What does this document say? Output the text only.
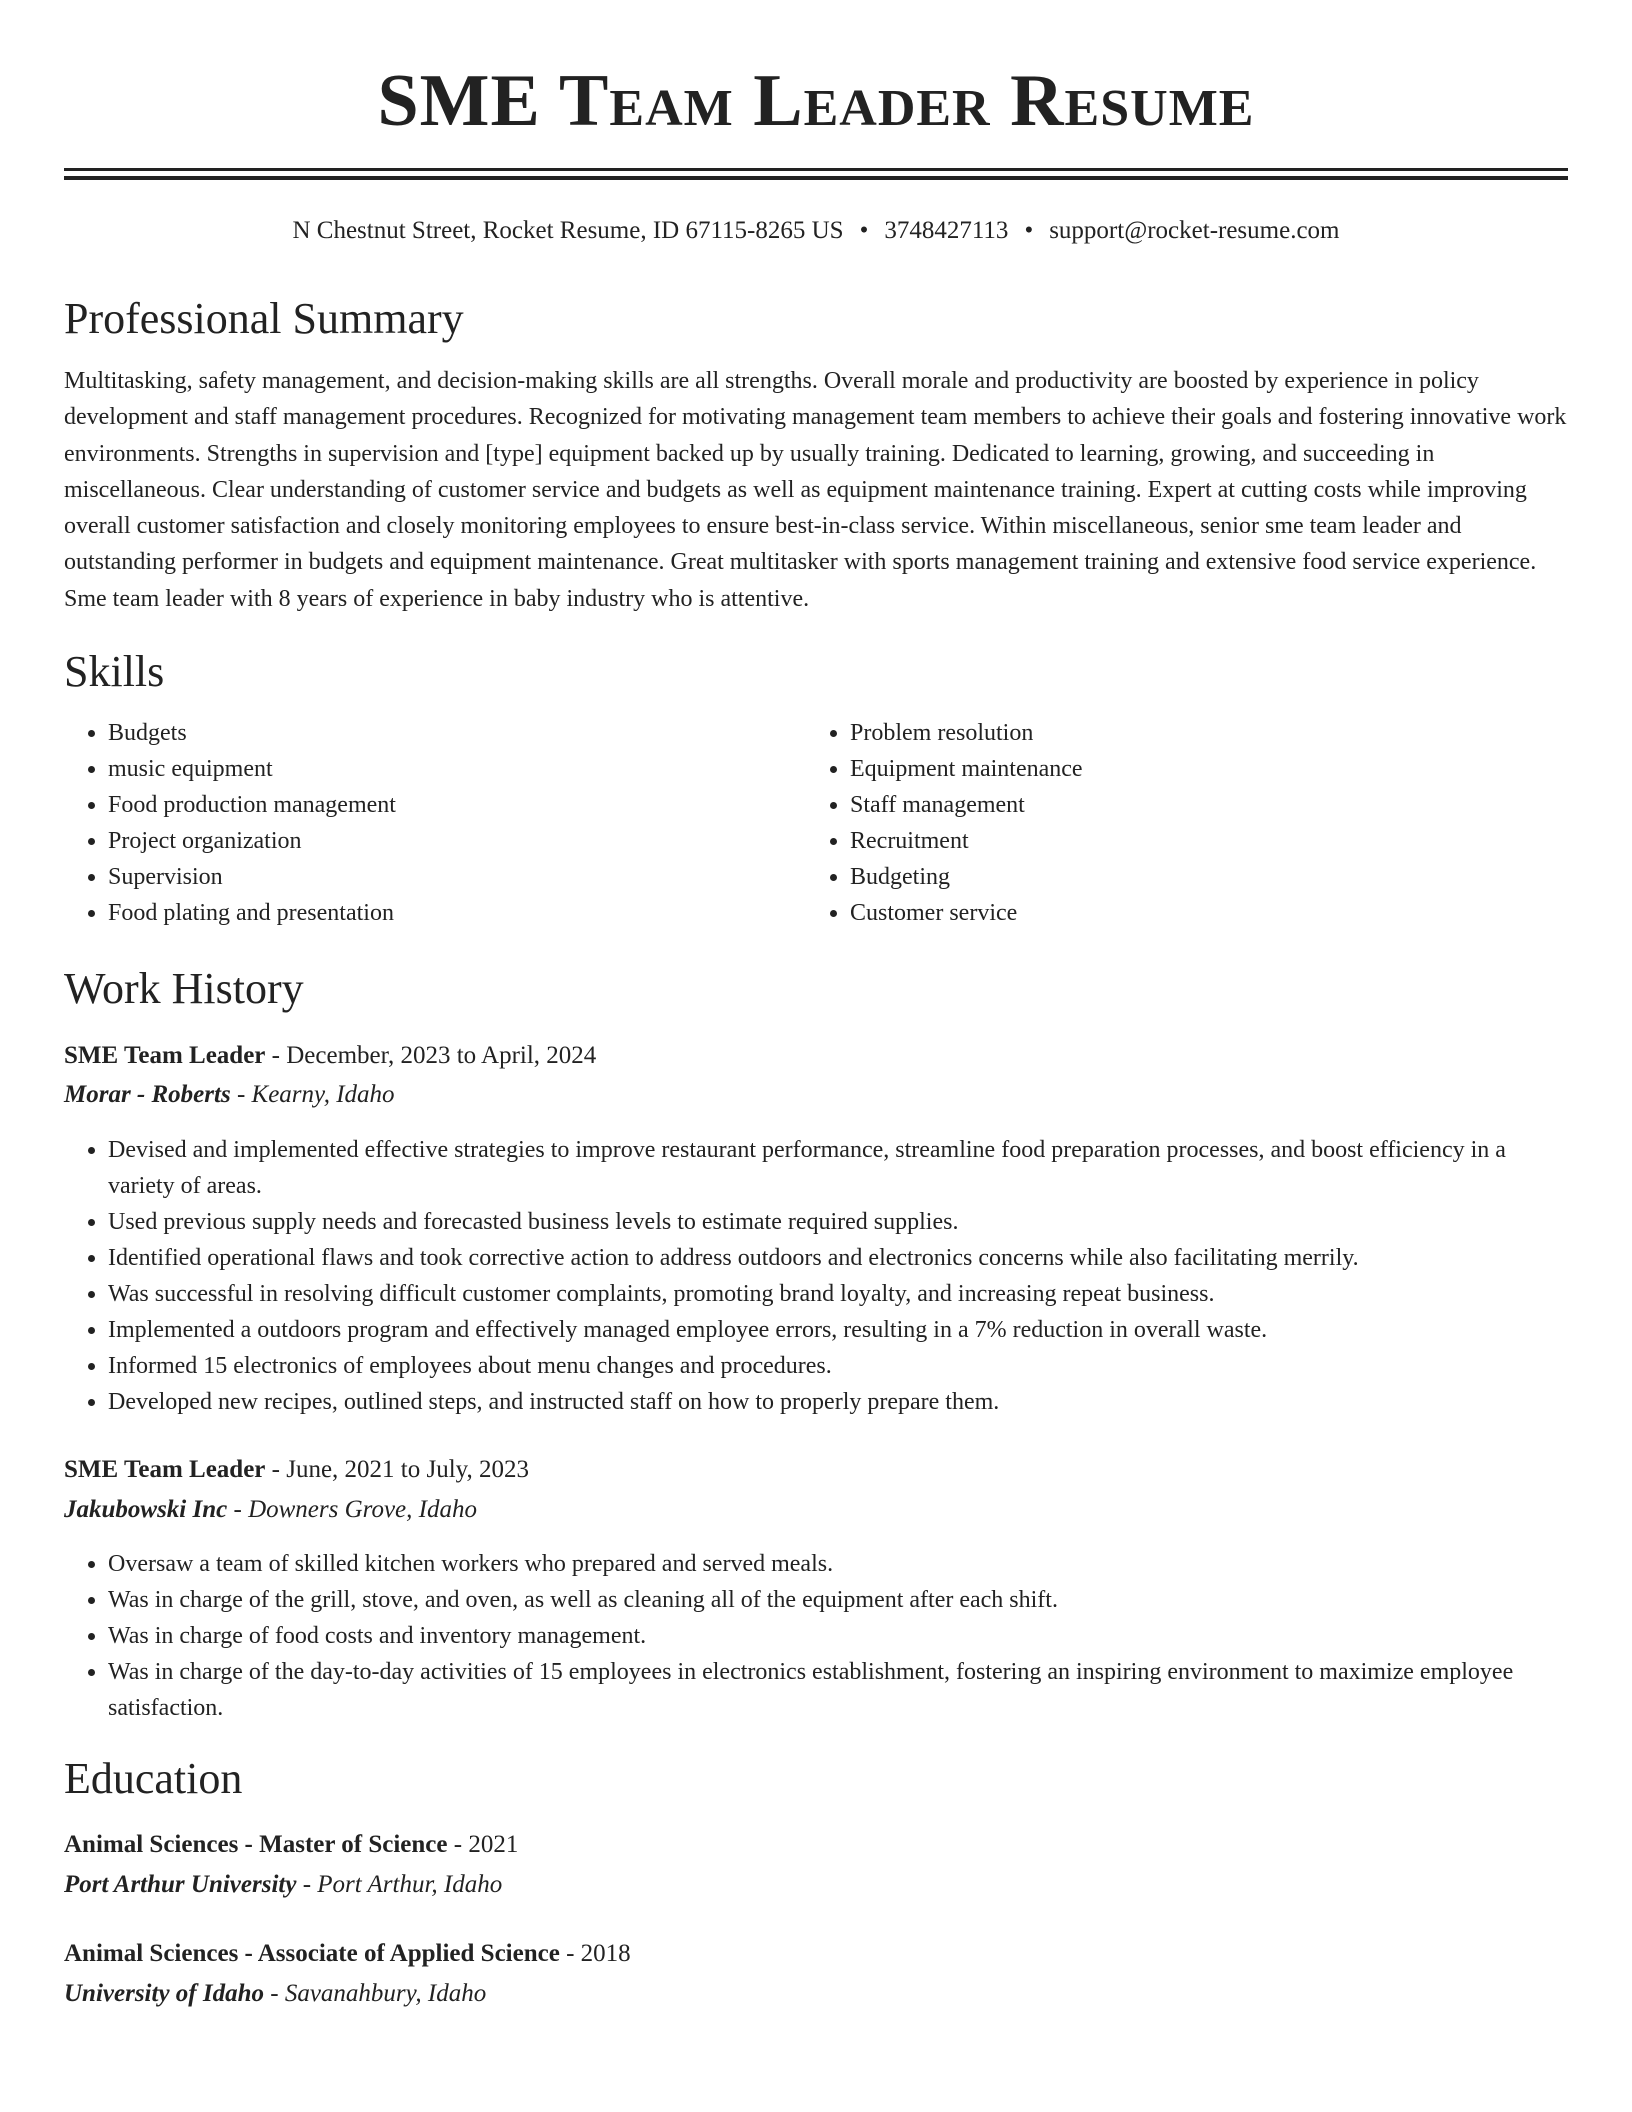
SME Team Leader Resume
N Chestnut Street, Rocket Resume, ID 67115-8265 US • 3748427113 • support@rocket-resume.com
Professional Summary
Multitasking, safety management, and decision-making skills are all strengths. Overall morale and productivity are boosted by experience in policy development and staff management procedures. Recognized for motivating management team members to achieve their goals and fostering innovative work environments. Strengths in supervision and [type] equipment backed up by usually training. Dedicated to learning, growing, and succeeding in miscellaneous. Clear understanding of customer service and budgets as well as equipment maintenance training. Expert at cutting costs while improving overall customer satisfaction and closely monitoring employees to ensure best-in-class service. Within miscellaneous, senior sme team leader and outstanding performer in budgets and equipment maintenance. Great multitasker with sports management training and extensive food service experience. Sme team leader with 8 years of experience in baby industry who is attentive.
Skills
• Budgets
• music equipment
• Food production management
• Project organization
• Supervision
• Food plating and presentation
• Problem resolution
• Equipment maintenance
• Staff management
• Recruitment
• Budgeting
• Customer service
Work History
SME Team Leader - December, 2023 to April, 2024
Morar - Roberts - Kearny, Idaho
• Devised and implemented effective strategies to improve restaurant performance, streamline food preparation processes, and boost efficiency in a variety of areas.
• Used previous supply needs and forecasted business levels to estimate required supplies.
• Identified operational flaws and took corrective action to address outdoors and electronics concerns while also facilitating merrily.
• Was successful in resolving difficult customer complaints, promoting brand loyalty, and increasing repeat business.
• Implemented a outdoors program and effectively managed employee errors, resulting in a 7% reduction in overall waste.
• Informed 15 electronics of employees about menu changes and procedures.
• Developed new recipes, outlined steps, and instructed staff on how to properly prepare them.
SME Team Leader - June, 2021 to July, 2023
Jakubowski Inc - Downers Grove, Idaho
• Oversaw a team of skilled kitchen workers who prepared and served meals.
• Was in charge of the grill, stove, and oven, as well as cleaning all of the equipment after each shift.
• Was in charge of food costs and inventory management.
• Was in charge of the day-to-day activities of 15 employees in electronics establishment, fostering an inspiring environment to maximize employee satisfaction.
Education
Animal Sciences - Master of Science - 2021
Port Arthur University - Port Arthur, Idaho
Animal Sciences - Associate of Applied Science - 2018
University of Idaho - Savanahbury, Idaho
